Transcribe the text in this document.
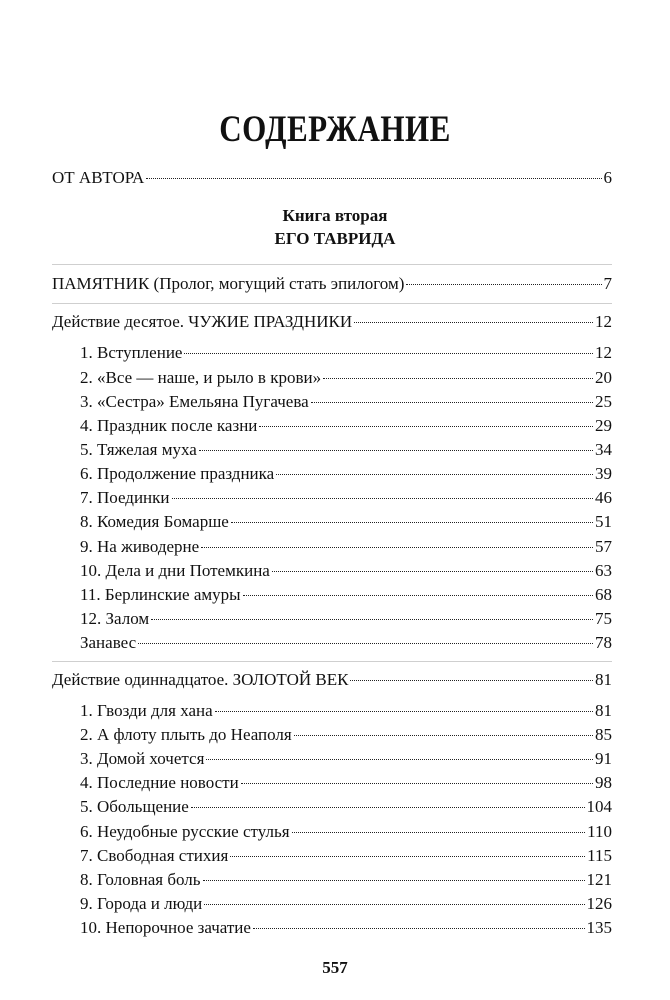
СОДЕРЖАНИЕ
ОТ АВТОРА	6
Книга вторая
ЕГО ТАВРИДА
ПАМЯТНИК (Пролог, могущий стать эпилогом)	7
Действие десятое. ЧУЖИЕ ПРАЗДНИКИ	12
1. Вступление	12
2. «Все — наше, и рыло в крови»	20
3. «Сестра» Емельяна Пугачева	25
4. Праздник после казни	29
5. Тяжелая муха	34
6. Продолжение праздника	39
7. Поединки	46
8. Комедия Бомарше	51
9. На живодерне	57
10. Дела и дни Потемкина	63
11. Берлинские амуры	68
12. Залом	75
Занавес	78
Действие одиннадцатое. ЗОЛОТОЙ ВЕК	81
1. Гвозди для хана	81
2. А флоту плыть до Неаполя	85
3. Домой хочется	91
4. Последние новости	98
5. Обольщение	104
6. Неудобные русские стулья	110
7. Свободная стихия	115
8. Головная боль	121
9. Города и люди	126
10. Непорочное зачатие	135
557
